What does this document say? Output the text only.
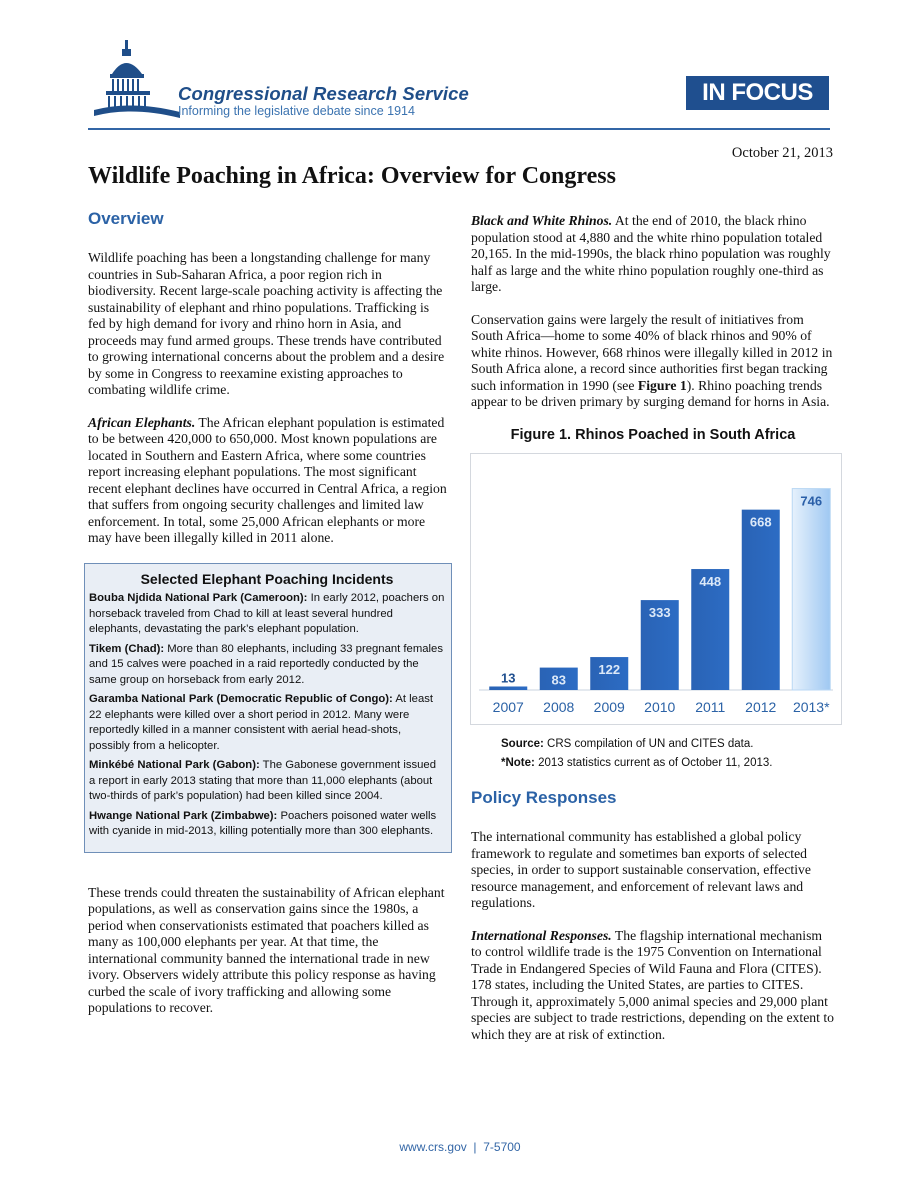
Congressional Research Service
Informing the legislative debate since 1914
IN FOCUS
October 21, 2013
Wildlife Poaching in Africa: Overview for Congress
Overview

Wildlife poaching has been a longstanding challenge for many countries in Sub-Saharan Africa, a poor region rich in biodiversity. Recent large-scale poaching activity is affecting the sustainability of elephant and rhino populations. Trafficking is fed by high demand for ivory and rhino horn in Asia, and proceeds may fund armed groups. These trends have contributed to growing international concerns about the problem and a desire by some in Congress to reexamine existing approaches to combating wildlife crime.

African Elephants. The African elephant population is estimated to be between 420,000 to 650,000. Most known populations are located in Southern and Eastern Africa, where some countries report increasing elephant populations. The most significant recent elephant declines have occurred in Central Africa, a region that suffers from ongoing security challenges and limited law enforcement. In total, some 25,000 African elephants or more may have been illegally killed in 2011 alone.

Selected Elephant Poaching Incidents
Bouba Njdida National Park (Cameroon): In early 2012, poachers on horseback traveled from Chad to kill at least several hundred elephants, devastating the park’s elephant population.
Tikem (Chad): More than 80 elephants, including 33 pregnant females and 15 calves were poached in a raid reportedly conducted by the same group on horseback from early 2012.
Garamba National Park (Democratic Republic of Congo): At least 22 elephants were killed over a short period in 2012. Many were reportedly killed in a manner consistent with aerial head-shots, possibly from a helicopter.
Minkébé National Park (Gabon): The Gabonese government issued a report in early 2013 stating that more than 11,000 elephants (about two-thirds of park’s population) had been killed since 2004.
Hwange National Park (Zimbabwe): Poachers poisoned water wells with cyanide in mid-2013, killing potentially more than 300 elephants.

These trends could threaten the sustainability of African elephant populations, as well as conservation gains since the 1980s, a period when conservationists estimated that poachers killed as many as 100,000 elephants per year. At that time, the international community banned the international trade in new ivory. Observers widely attribute this policy response as having curbed the scale of ivory trafficking and allowing some populations to recover.

Black and White Rhinos. At the end of 2010, the black rhino population stood at 4,880 and the white rhino population totaled 20,165. In the mid-1990s, the black rhino population was roughly half as large and the white rhino population roughly one-third as large.

Conservation gains were largely the result of initiatives from South Africa—home to some 40% of black rhinos and 90% of white rhinos. However, 668 rhinos were illegally killed in 2012 in South Africa alone, a record since authorities first began tracking such information in 1990 (see Figure 1). Rhino poaching trends appear to be driven primary by surging demand for horns in Asia.

Figure 1. Rhinos Poached in South Africa
13
2007
83
2008
122
2009
333
2010
448
2011
668
2012
746
2013*
Source: CRS compilation of UN and CITES data.
*Note: 2013 statistics current as of October 11, 2013.
Policy Responses

The international community has established a global policy framework to regulate and sometimes ban exports of selected species, in order to support sustainable conservation, effective resource management, and enforcement of relevant laws and regulations.

International Responses. The flagship international mechanism to control wildlife trade is the 1975 Convention on International Trade in Endangered Species of Wild Fauna and Flora (CITES). 178 states, including the United States, are parties to CITES. Through it, approximately 5,000 animal species and 29,000 plant species are subject to trade restrictions, depending on the extent to which they are at risk of extinction.

www.crs.gov | 7-5700
